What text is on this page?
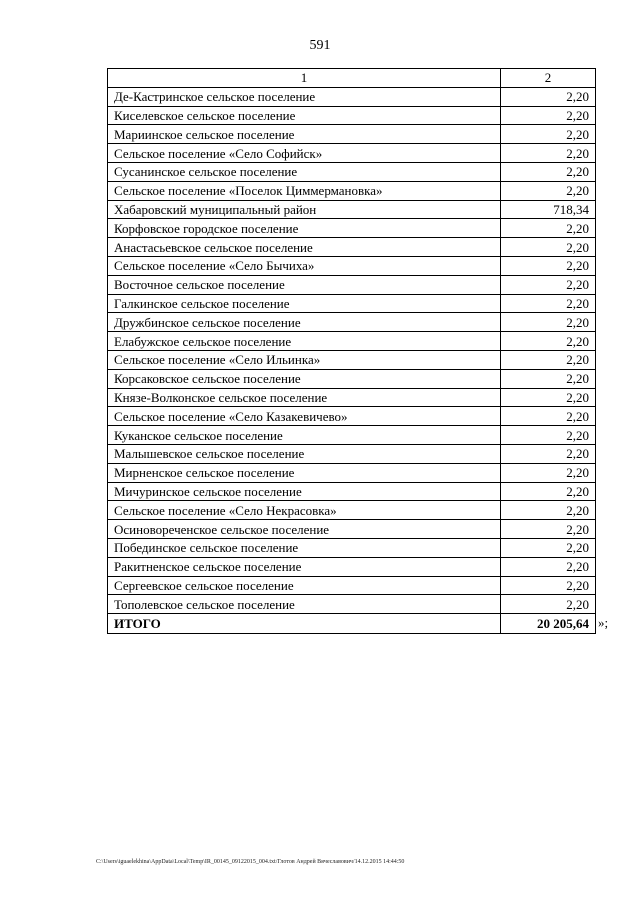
591
1	2
Де-Кастринское сельское поселение	2,20
Киселевское сельское поселение	2,20
Мариинское сельское поселение	2,20
Сельское поселение «Село Софийск»	2,20
Сусанинское сельское поселение	2,20
Сельское поселение «Поселок Циммермановка»	2,20
Хабаровский муниципальный район	718,34
Корфовское городское поселение	2,20
Анастасьевское сельское поселение	2,20
Сельское поселение «Село Бычиха»	2,20
Восточное сельское поселение	2,20
Галкинское сельское поселение	2,20
Дружбинское сельское поселение	2,20
Елабужское сельское поселение	2,20
Сельское поселение «Село Ильинка»	2,20
Корсаковское сельское поселение	2,20
Князе-Волконское сельское поселение	2,20
Сельское поселение «Село Казакевичево»	2,20
Куканское сельское поселение	2,20
Малышевское сельское поселение	2,20
Мирненское сельское поселение	2,20
Мичуринское сельское поселение	2,20
Сельское поселение «Село Некрасовка»	2,20
Осиновореченское сельское поселение	2,20
Побединское сельское поселение	2,20
Ракитненское сельское поселение	2,20
Сергеевское сельское поселение	2,20
Тополевское сельское поселение	2,20
ИТОГО	20 205,64 »;
C:\Users\iguaelekhina\AppData\Local\Temp\IR_00145_09122015_004.txt/Глотов Андрей Вячеславович/14.12.2015 14:44:50
